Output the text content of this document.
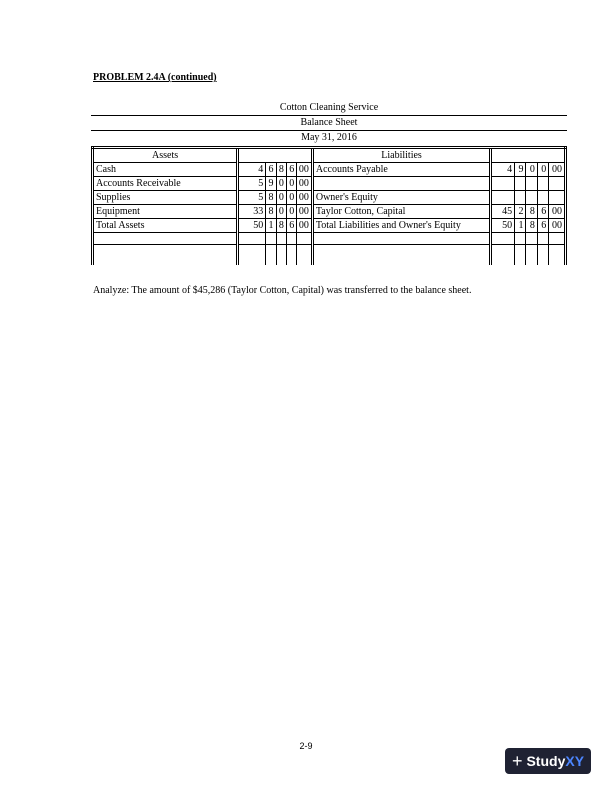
PROBLEM 2.4A (continued)
Cotton Cleaning Service
Balance Sheet
May 31, 2016
Assets						Liabilities					
Cash	4	6	8	6	00	Accounts Payable	4	9	0	0	00
Accounts Receivable	5	9	0	0	00						
Supplies	5	8	0	0	00	Owner's Equity					
Equipment	33	8	0	0	00	Taylor Cotton, Capital	45	2	8	6	00
Total Assets	50	1	8	6	00	Total Liabilities and Owner's Equity	50	1	8	6	00

Analyze: The amount of $45,286 (Taylor Cotton, Capital) was transferred to the balance sheet.
2-9
+ StudyXY
